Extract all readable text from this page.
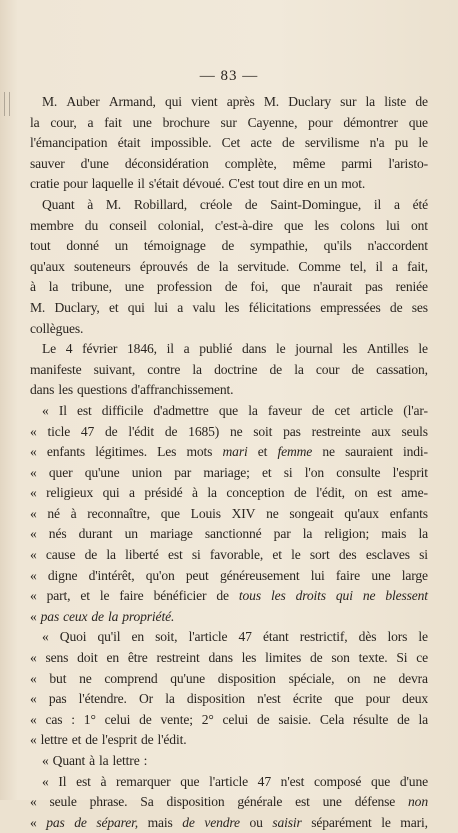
— 83 —
M. Auber Armand, qui vient après M. Duclary sur la liste de
la cour, a fait une brochure sur Cayenne, pour démontrer que
l'émancipation était impossible. Cet acte de servilisme n'a pu le
sauver d'une déconsidération complète, même parmi l'aristo-
cratie pour laquelle il s'était dévoué. C'est tout dire en un mot.
Quant à M. Robillard, créole de Saint-Domingue, il a été
membre du conseil colonial, c'est-à-dire que les colons lui ont
tout donné un témoignage de sympathie, qu'ils n'accordent
qu'aux souteneurs éprouvés de la servitude. Comme tel, il a fait,
à la tribune, une profession de foi, que n'aurait pas reniée
M. Duclary, et qui lui a valu les félicitations empressées de ses
collègues.
Le 4 février 1846, il a publié dans le journal les Antilles le
manifeste suivant, contre la doctrine de la cour de cassation,
dans les questions d'affranchissement.
« Il est difficile d'admettre que la faveur de cet article (l'ar-
« ticle 47 de l'édit de 1685) ne soit pas restreinte aux seuls
« enfants légitimes. Les mots mari et femme ne sauraient indi-
« quer qu'une union par mariage; et si l'on consulte l'esprit
« religieux qui a présidé à la conception de l'édit, on est ame-
« né à reconnaître, que Louis XIV ne songeait qu'aux enfants
« nés durant un mariage sanctionné par la religion; mais la
« cause de la liberté est si favorable, et le sort des esclaves si
« digne d'intérêt, qu'on peut généreusement lui faire une large
« part, et le faire bénéficier de tous les droits qui ne blessent
« pas ceux de la propriété.
« Quoi qu'il en soit, l'article 47 étant restrictif, dès lors le
« sens doit en être restreint dans les limites de son texte. Si ce
« but ne comprend qu'une disposition spéciale, on ne devra
« pas l'étendre. Or la disposition n'est écrite que pour deux
« cas : 1° celui de vente; 2° celui de saisie. Cela résulte de la
« lettre et de l'esprit de l'édit.
« Quant à la lettre :
« Il est à remarquer que l'article 47 n'est composé que d'une
« seule phrase. Sa disposition générale est une défense non
« pas de séparer, mais de vendre ou saisir séparément le mari,
